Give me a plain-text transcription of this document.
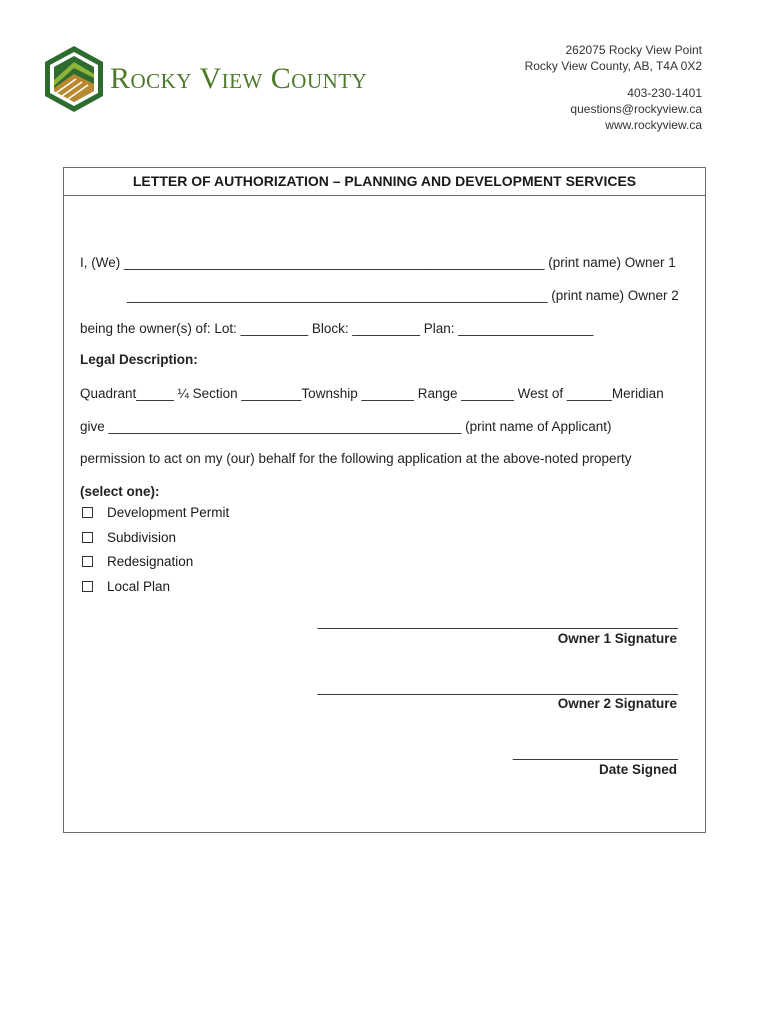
Rocky View County
262075 Rocky View Point
Rocky View County, AB, T4A 0X2
403-230-1401
questions@rockyview.ca
www.rockyview.ca
LETTER OF AUTHORIZATION – PLANNING AND DEVELOPMENT SERVICES
I, (We) ________________________________________________________ (print name) Owner 1
________________________________________________________ (print name) Owner 2
being the owner(s) of: Lot: _________ Block: _________ Plan: __________________
Legal Description:
Quadrant_____ ¼ Section ________Township _______ Range _______ West of ______Meridian
give _______________________________________________ (print name of Applicant)
permission to act on my (our) behalf for the following application at the above-noted property
(select one):
Development Permit
Subdivision
Redesignation
Local Plan
________________________________________________
Owner 1 Signature
________________________________________________
Owner 2 Signature
______________________
Date Signed
